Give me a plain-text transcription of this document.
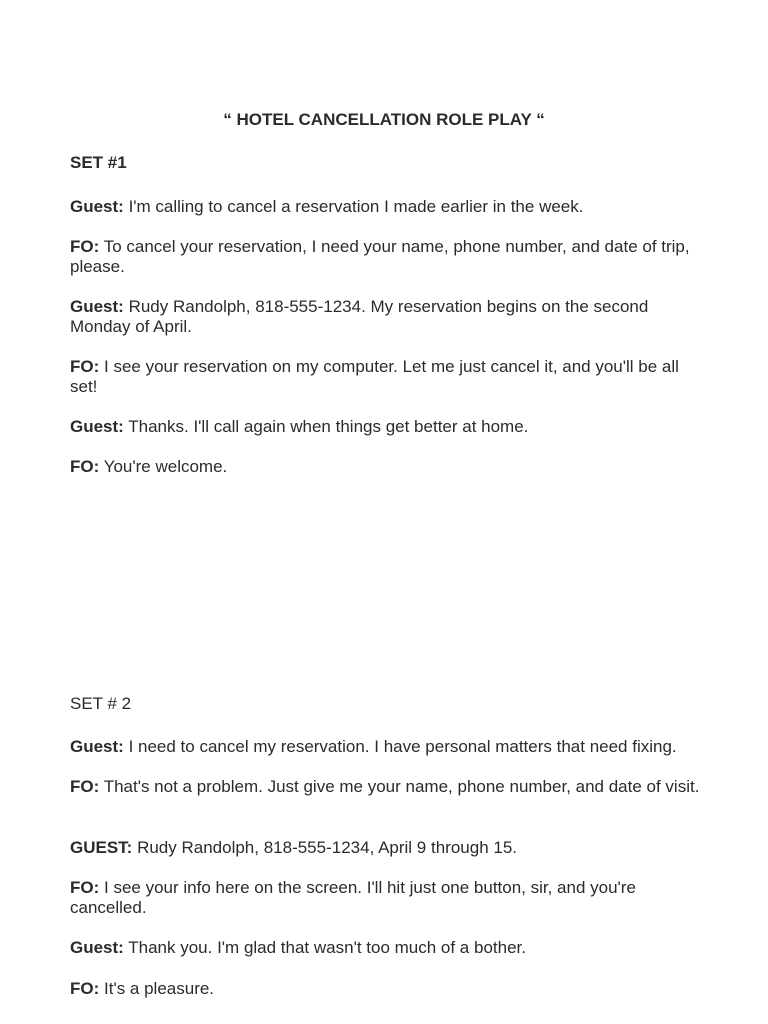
“ HOTEL CANCELLATION ROLE PLAY “
SET #1
Guest: I'm calling to cancel a reservation I made earlier in the week.
FO: To cancel your reservation, I need your name, phone number, and date of trip, please.
Guest: Rudy Randolph, 818-555-1234. My reservation begins on the second Monday of April.
FO: I see your reservation on my computer. Let me just cancel it, and you'll be all set!
Guest: Thanks. I'll call again when things get better at home.
FO: You're welcome.
SET # 2
Guest: I need to cancel my reservation. I have personal matters that need fixing.
FO: That's not a problem. Just give me your name, phone number, and date of visit.
GUEST: Rudy Randolph, 818-555-1234, April 9 through 15.
FO: I see your info here on the screen. I'll hit just one button, sir, and you're cancelled.
Guest: Thank you. I'm glad that wasn't too much of a bother.
FO: It's a pleasure.
